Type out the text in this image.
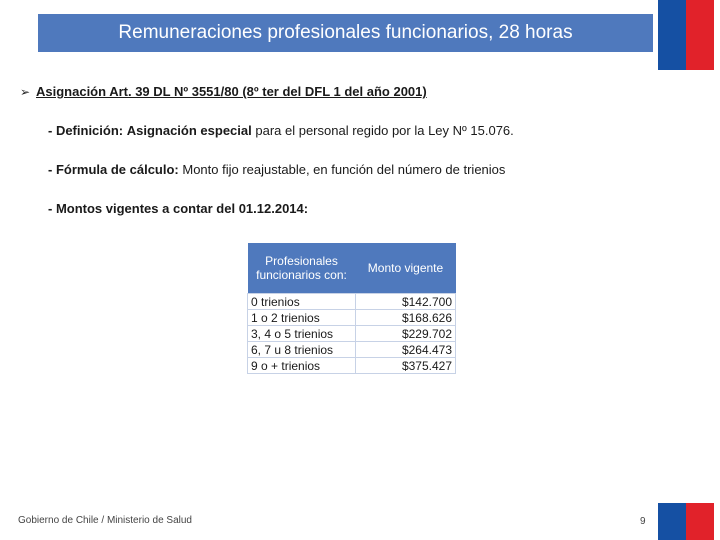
Remuneraciones profesionales funcionarios, 28 horas
➢ Asignación Art. 39 DL Nº 3551/80 (8º ter del DFL 1 del año 2001)
- Definición: Asignación especial para el personal regido por la Ley Nº 15.076.
- Fórmula de cálculo: Monto fijo reajustable, en función del número de trienios
- Montos vigentes a contar del 01.12.2014:
Profesionales funcionarios con:	Monto vigente
0 trienios	$142.700
1 o 2 trienios	$168.626
3, 4 o 5 trienios	$229.702
6, 7 u 8 trienios	$264.473
9 o + trienios	$375.427
Gobierno de Chile / Ministerio de Salud	9
